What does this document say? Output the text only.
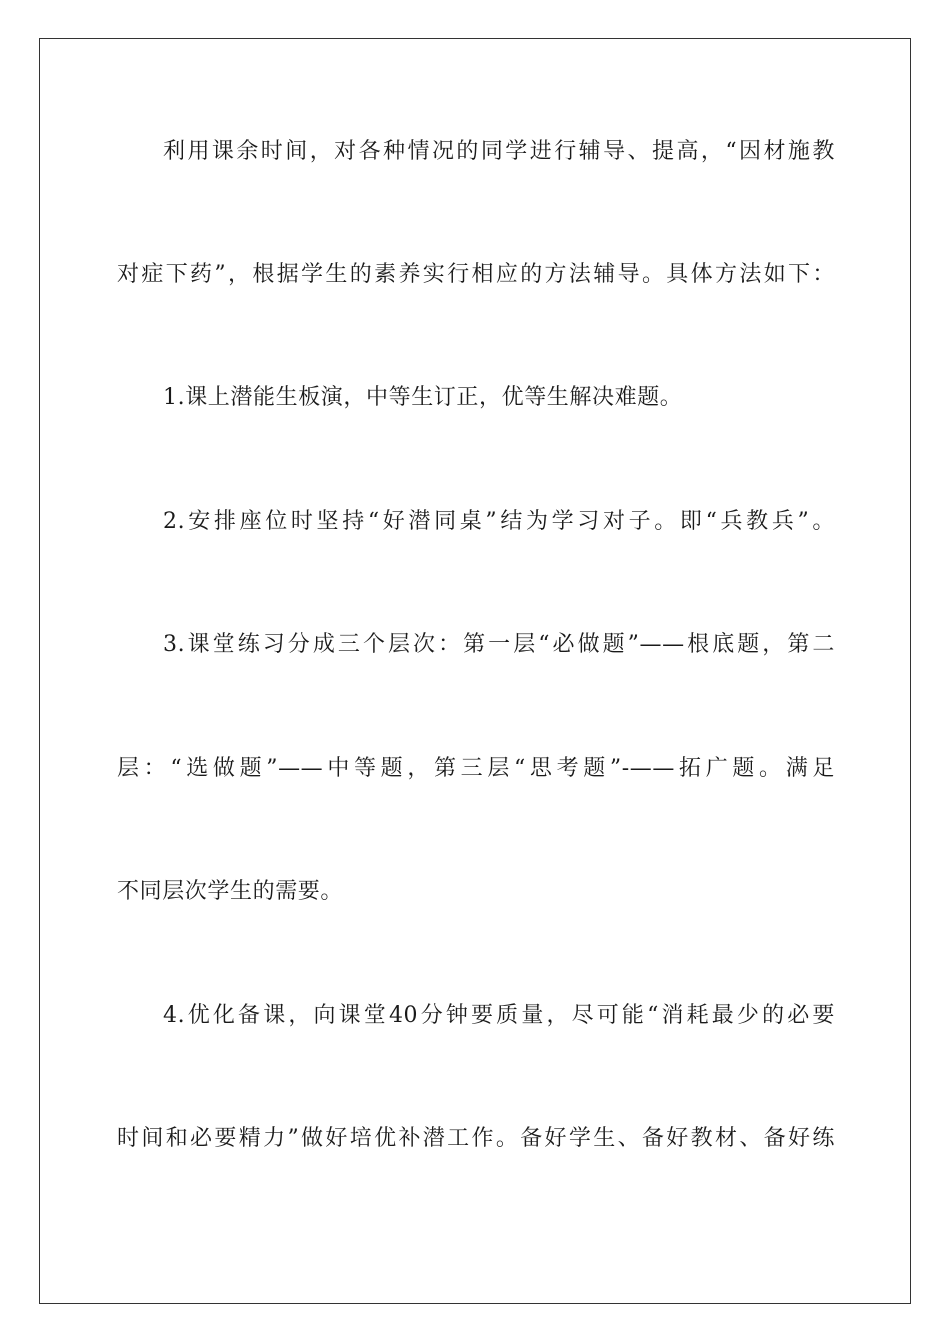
利用课余时间，对各种情况的同学进行辅导、提高，“因材施教
对症下药”，根据学生的素养实行相应的方法辅导。具体方法如下：
1.课上潜能生板演，中等生订正，优等生解决难题。
2.安排座位时坚持“好潜同桌”结为学习对子。即“兵教兵”。
3.课堂练习分成三个层次：第一层“必做题”——根底题，第二
层：“选做题”——中等题，第三层“思考题”-——拓广题。满足
不同层次学生的需要。
4.优化备课，向课堂40分钟要质量，尽可能“消耗最少的必要
时间和必要精力”做好培优补潜工作。备好学生、备好教材、备好练
